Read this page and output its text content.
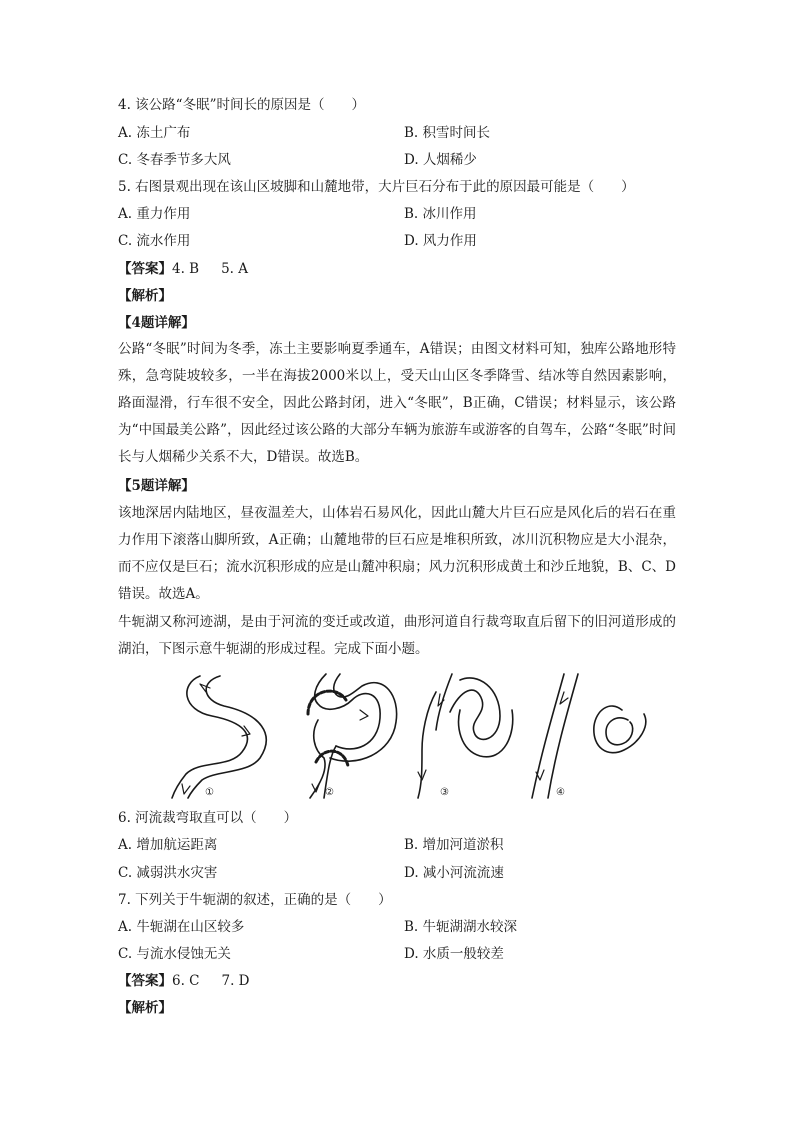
4. 该公路“冬眠”时间长的原因是（　　）
A. 冻土广布	B. 积雪时间长
C. 冬春季节多大风	D. 人烟稀少
5. 右图景观出现在该山区坡脚和山麓地带，大片巨石分布于此的原因最可能是（　　）
A. 重力作用	B. 冰川作用
C. 流水作用	D. 风力作用
【答案】4. B 5. A
【解析】
【4题详解】
公路“冬眠”时间为冬季，冻土主要影响夏季通车，A错误；由图文材料可知，独库公路地形特殊，急弯陡坡较多，一半在海拔2000米以上，受天山山区冬季降雪、结冰等自然因素影响，路面湿滑，行车很不安全，因此公路封闭，进入“冬眠”，B正确，C错误；材料显示，该公路为“中国最美公路”，因此经过该公路的大部分车辆为旅游车或游客的自驾车，公路“冬眠”时间长与人烟稀少关系不大，D错误。故选B。
【5题详解】
该地深居内陆地区，昼夜温差大，山体岩石易风化，因此山麓大片巨石应是风化后的岩石在重力作用下滚落山脚所致，A正确；山麓地带的巨石应是堆积所致，冰川沉积物应是大小混杂，而不应仅是巨石；流水沉积形成的应是山麓冲积扇；风力沉积形成黄土和沙丘地貌，B、C、D错误。故选A。
牛轭湖又称河迹湖，是由于河流的变迁或改道，曲形河道自行裁弯取直后留下的旧河道形成的湖泊，下图示意牛轭湖的形成过程。完成下面小题。
①	②	③	④
6. 河流裁弯取直可以（　　）
A. 增加航运距离	B. 增加河道淤积
C. 减弱洪水灾害	D. 减小河流流速
7. 下列关于牛轭湖的叙述，正确的是（　　）
A. 牛轭湖在山区较多	B. 牛轭湖湖水较深
C. 与流水侵蚀无关	D. 水质一般较差
【答案】6. C 7. D
【解析】
